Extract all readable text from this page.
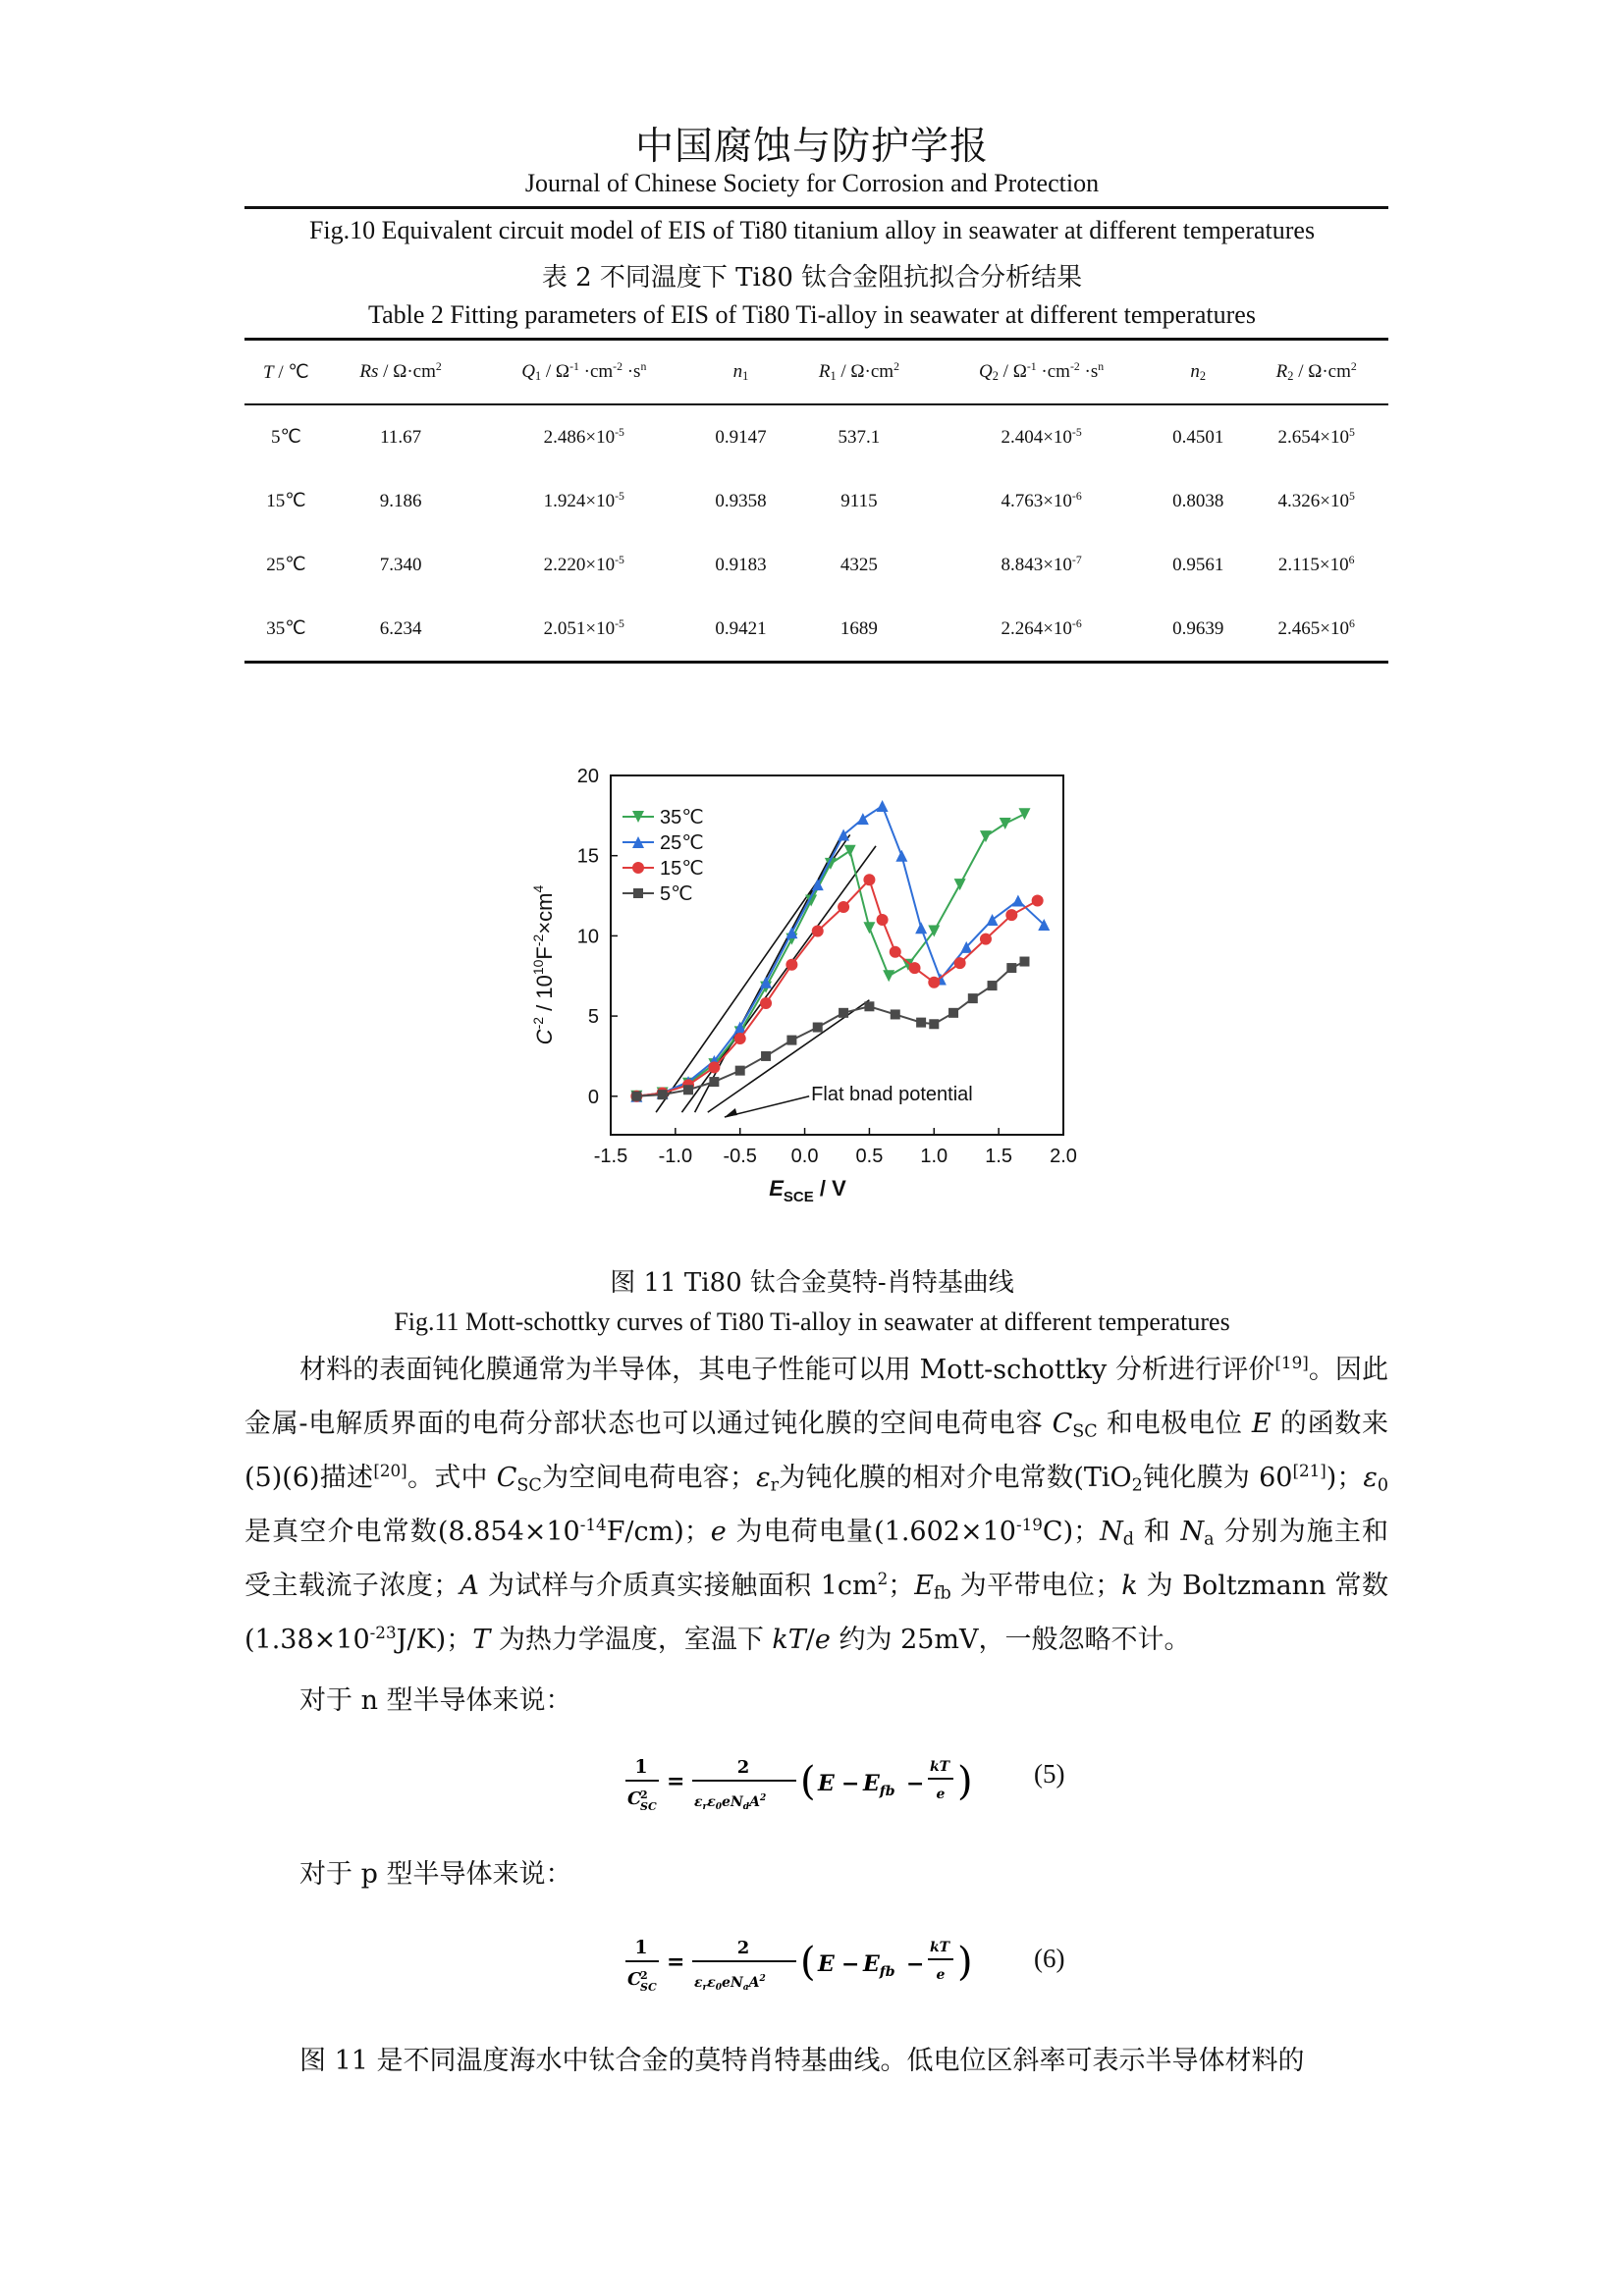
中国腐蚀与防护学报
Journal of Chinese Society for Corrosion and Protection
Fig.10 Equivalent circuit model of EIS of Ti80 titanium alloy in seawater at different temperatures
表 2 不同温度下 Ti80 钛合金阻抗拟合分析结果
Table 2 Fitting parameters of EIS of Ti80 Ti-alloy in seawater at different temperatures
T / ℃	$Rs / \Omega\cdot cm^2$	$Q_1 / \Omega^{-1} \cdot cm^{-2} \cdot s^n$	$n_1$	$R_1 / \Omega\cdot cm^2$	$Q_2 / \Omega^{-1} \cdot cm^{-2} \cdot s^n$	$n_2$	$R_2 / \Omega\cdot cm^2$
5℃	11.67	$2.486\times 10^{-5}$	0.9147	537.1	$2.404\times 10^{-5}$	0.4501	$2.654\times 10^5$
15℃	9.186	$1.924\times 10^{-5}$	0.9358	9115	$4.763\times 10^{-6}$	0.8038	$4.326\times 10^5$
25℃	7.340	$2.220\times 10^{-5}$	0.9183	4325	$8.843\times 10^{-7}$	0.9561	$2.115\times 10^6$
35℃	6.234	$2.051\times 10^{-5}$	0.9421	1689	$2.264\times 10^{-6}$	0.9639	$2.465\times 10^6$
-1.5 -1.0 -0.5 0.0 0.5 1.0 1.5 2.0
0
5
10
15
20
35℃
25℃
15℃
5℃
Flat bnad potential
$E_{SCE}$ / V
$C^{-2} / 10^{10}F^{-2}\times cm^4$
图 11 Ti80 钛合金莫特-肖特基曲线
Fig.11 Mott-schottky curves of Ti80 Ti-alloy in seawater at different temperatures
材料的表面钝化膜通常为半导体，其电子性能可以用 Mott-schottky 分析进行评价[19]。因此金属-电解质界面的电荷分部状态也可以通过钝化膜的空间电荷电容 $C_{SC}$ 和电极电位 E 的函数来(5)(6)描述[20]。式中 $C_{SC}$为空间电荷电容；$\varepsilon_r$为钝化膜的相对介电常数(TiO$_2$钝化膜为 60[21])；$\varepsilon_0$ 是真空介电常数$(8.854\times 10^{-14}F/cm)$；e 为电荷电量$(1.602\times 10^{-19}C)$；$N_d$ 和 $N_a$ 分别为施主和受主载流子浓度；A 为试样与介质真实接触面积 $1cm^2$；$E_{fb}$ 为平带电位；k 为 Boltzmann 常数$(1.38\times 10^{-23}J/K)$；T 为热力学温度，室温下 kT/e 约为 25mV，一般忽略不计。
对于 n 型半导体来说：
1
C
2
SC
=
2
$\varepsilon_r\varepsilon_0eN_dA^2$ ( $E - E_{fb}$ −
kT
e ) (5)
对于 p 型半导体来说：
1
C
2
SC
=
2
$\varepsilon_r\varepsilon_0eN_aA^2$ ( $E - E_{fb}$ −
kT
e ) (6)
图 11 是不同温度海水中钛合金的莫特肖特基曲线。低电位区斜率可表示半导体材料的
